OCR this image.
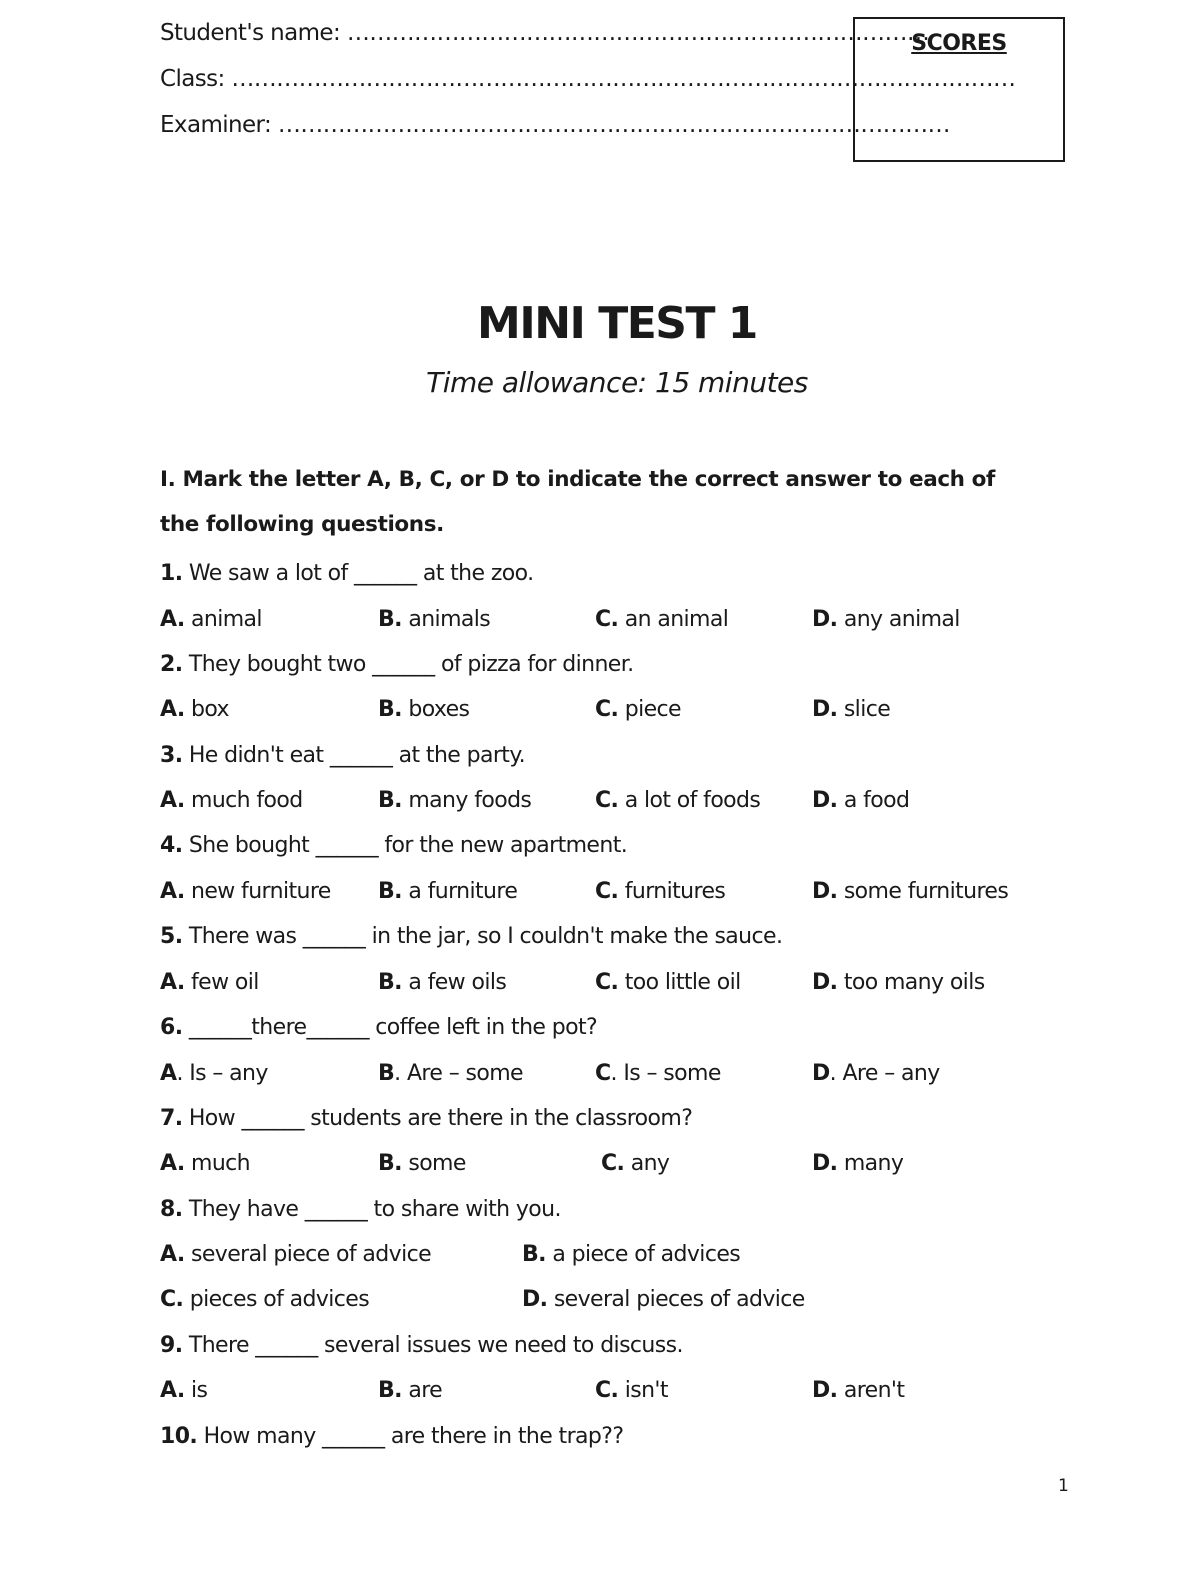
Student's name: ……………………………………………………………………
Class: ……………………………………………………………………………………………
Examiner: ………………………………………………………………………………
SCORES
MINI TEST 1
Time allowance: 15 minutes
I. Mark the letter A, B, C, or D to indicate the correct answer to each of the following questions.
1. We saw a lot of ______ at the zoo.
A. animal	B. animals	C. an animal	D. any animal
2. They bought two ______ of pizza for dinner.
A. box	B. boxes	C. piece	D. slice
3. He didn't eat ______ at the party.
A. much food	B. many foods	C. a lot of foods D. a food
4. She bought ______ for the new apartment.
A. new furniture B. a furniture	C. furnitures	D. some furnitures
5. There was ______ in the jar, so I couldn't make the sauce.
A. few oil	B. a few oils	C. too little oil	D. too many oils
6. ______there______ coffee left in the pot?
A. Is – any	B. Are – some	C. Is – some	D. Are – any
7. How ______ students are there in the classroom?
A. much	B. some	C. any	D. many
8. They have ______ to share with you.
A. several piece of advice	B. a piece of advices
C. pieces of advices	D. several pieces of advice
9. There ______ several issues we need to discuss.
A. is	B. are	C. isn't	D. aren't
10. How many ______ are there in the trap??
1
